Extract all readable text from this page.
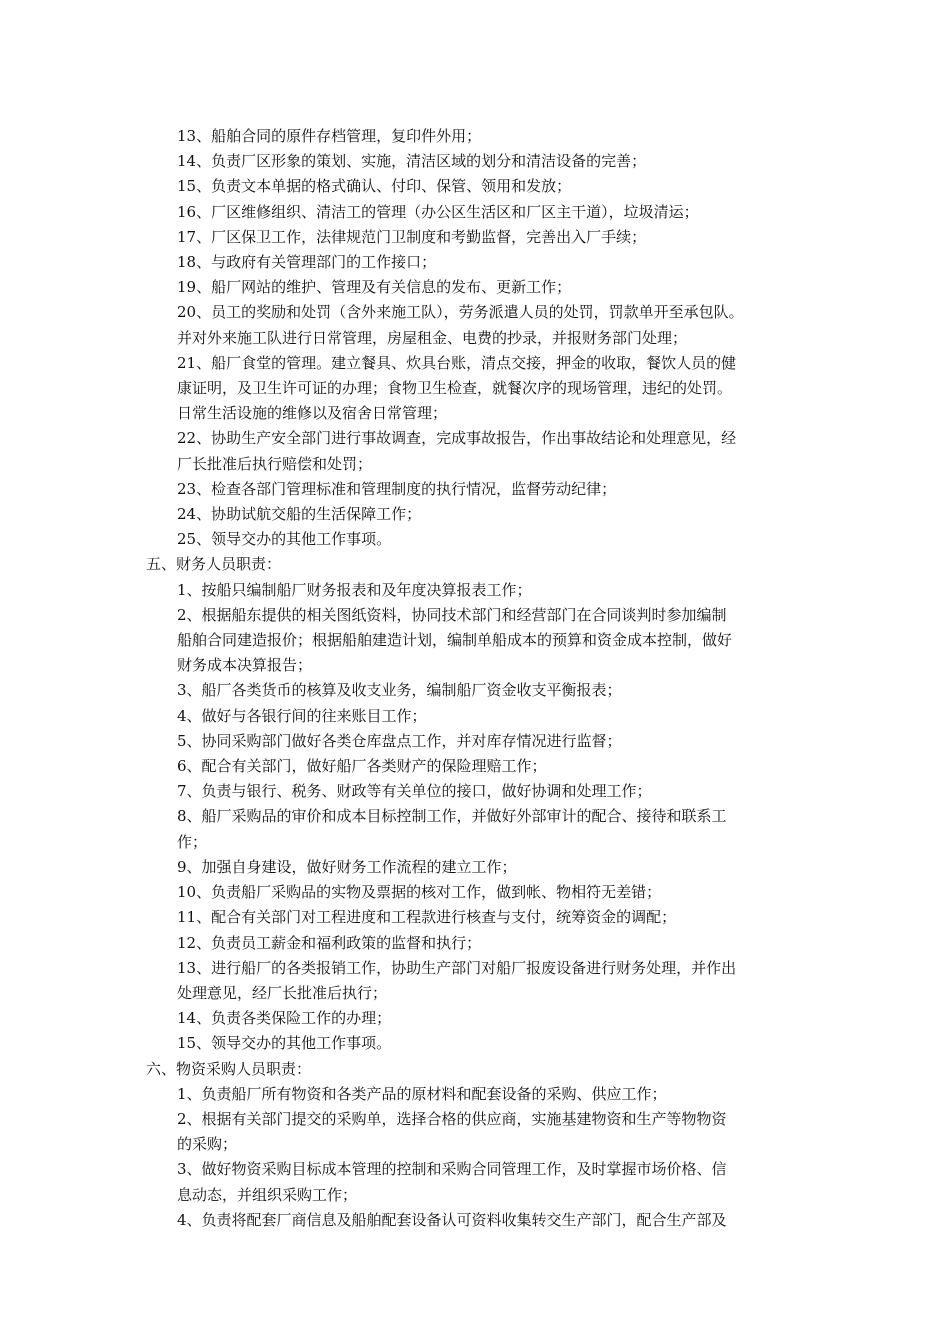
13、船舶合同的原件存档管理，复印件外用；
14、负责厂区形象的策划、实施，清洁区域的划分和清洁设备的完善；
15、负责文本单据的格式确认、付印、保管、领用和发放；
16、厂区维修组织、清洁工的管理（办公区生活区和厂区主干道），垃圾清运；
17、厂区保卫工作，法律规范门卫制度和考勤监督，完善出入厂手续；
18、与政府有关管理部门的工作接口；
19、船厂网站的维护、管理及有关信息的发布、更新工作；
20、员工的奖励和处罚（含外来施工队），劳务派遣人员的处罚，罚款单开至承包队。
并对外来施工队进行日常管理，房屋租金、电费的抄录，并报财务部门处理；
21、船厂食堂的管理。建立餐具、炊具台账，清点交接，押金的收取，餐饮人员的健
康证明，及卫生许可证的办理；食物卫生检查，就餐次序的现场管理，违纪的处罚。
日常生活设施的维修以及宿舍日常管理；
22、协助生产安全部门进行事故调查，完成事故报告，作出事故结论和处理意见，经
厂长批准后执行赔偿和处罚；
23、检查各部门管理标准和管理制度的执行情况，监督劳动纪律；
24、协助试航交船的生活保障工作；
25、领导交办的其他工作事项。
五、财务人员职责：
1、按船只编制船厂财务报表和及年度决算报表工作；
2、根据船东提供的相关图纸资料，协同技术部门和经营部门在合同谈判时参加编制
船舶合同建造报价；根据船舶建造计划，编制单船成本的预算和资金成本控制，做好
财务成本决算报告；
3、船厂各类货币的核算及收支业务，编制船厂资金收支平衡报表；
4、做好与各银行间的往来账目工作；
5、协同采购部门做好各类仓库盘点工作，并对库存情况进行监督；
6、配合有关部门，做好船厂各类财产的保险理赔工作；
7、负责与银行、税务、财政等有关单位的接口，做好协调和处理工作；
8、船厂采购品的审价和成本目标控制工作，并做好外部审计的配合、接待和联系工
作；
9、加强自身建设，做好财务工作流程的建立工作；
10、负责船厂采购品的实物及票据的核对工作，做到帐、物相符无差错；
11、配合有关部门对工程进度和工程款进行核查与支付，统筹资金的调配；
12、负责员工薪金和福利政策的监督和执行；
13、进行船厂的各类报销工作，协助生产部门对船厂报废设备进行财务处理，并作出
处理意见，经厂长批准后执行；
14、负责各类保险工作的办理；
15、领导交办的其他工作事项。
六、物资采购人员职责：
1、负责船厂所有物资和各类产品的原材料和配套设备的采购、供应工作；
2、根据有关部门提交的采购单，选择合格的供应商，实施基建物资和生产等物物资
的采购；
3、做好物资采购目标成本管理的控制和采购合同管理工作，及时掌握市场价格、信
息动态，并组织采购工作；
4、负责将配套厂商信息及船舶配套设备认可资料收集转交生产部门，配合生产部及
